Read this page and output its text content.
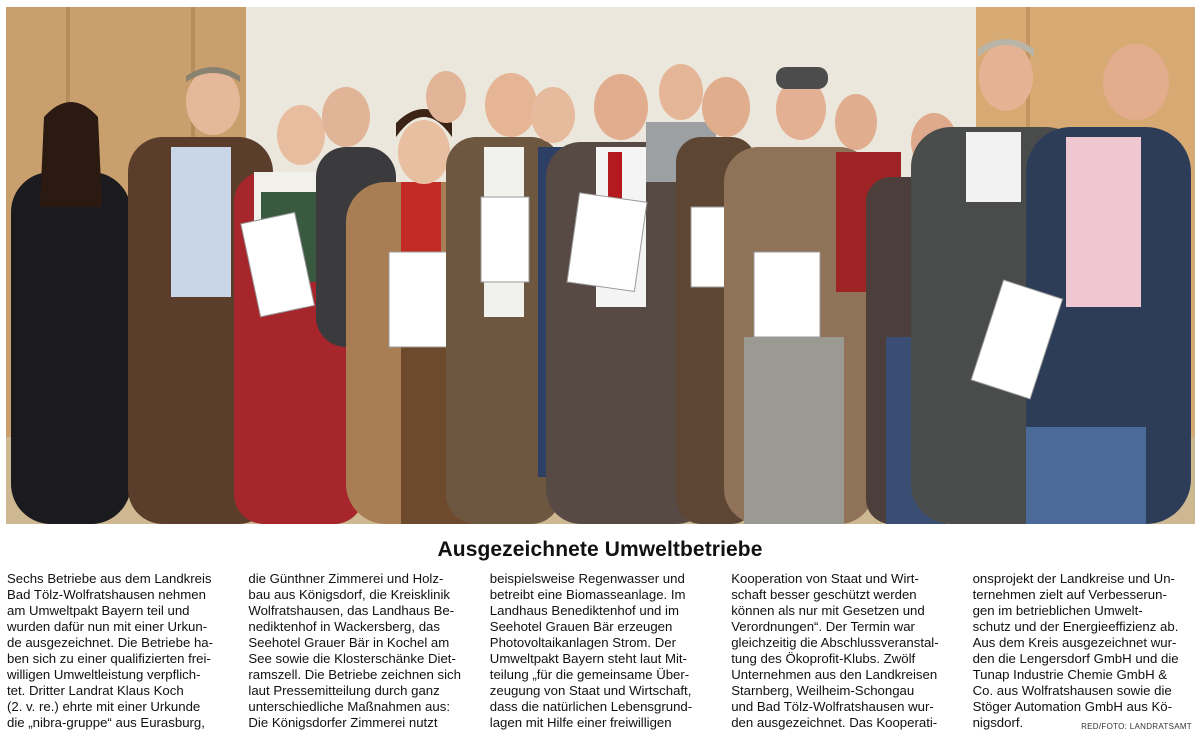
Ausgezeichnete Umweltbetriebe
Sechs Betriebe aus dem Landkreis
Bad Tölz-Wolfratshausen nehmen
am Umweltpakt Bayern teil und
wurden dafür nun mit einer Urkun-
de ausgezeichnet. Die Betriebe ha-
ben sich zu einer qualifizierten frei-
willigen Umweltleistung verpflich-
tet. Dritter Landrat Klaus Koch
(2. v. re.) ehrte mit einer Urkunde
die „nibra-gruppe“ aus Eurasburg,
die Günthner Zimmerei und Holz-
bau aus Königsdorf, die Kreisklinik
Wolfratshausen, das Landhaus Be-
nediktenhof in Wackersberg, das
Seehotel Grauer Bär in Kochel am
See sowie die Klosterschänke Diet-
ramszell. Die Betriebe zeichnen sich
laut Pressemitteilung durch ganz
unterschiedliche Maßnahmen aus:
Die Königsdorfer Zimmerei nutzt
beispielsweise Regenwasser und
betreibt eine Biomasseanlage. Im
Landhaus Benediktenhof und im
Seehotel Grauen Bär erzeugen
Photovoltaikanlagen Strom. Der
Umweltpakt Bayern steht laut Mit-
teilung „für die gemeinsame Über-
zeugung von Staat und Wirtschaft,
dass die natürlichen Lebensgrund-
lagen mit Hilfe einer freiwilligen
Kooperation von Staat und Wirt-
schaft besser geschützt werden
können als nur mit Gesetzen und
Verordnungen“. Der Termin war
gleichzeitig die Abschlussveranstal-
tung des Ökoprofit-Klubs. Zwölf
Unternehmen aus den Landkreisen
Starnberg, Weilheim-Schongau
und Bad Tölz-Wolfratshausen wur-
den ausgezeichnet. Das Kooperati-
onsprojekt der Landkreise und Un-
ternehmen zielt auf Verbesserun-
gen im betrieblichen Umwelt-
schutz und der Energieeffizienz ab.
Aus dem Kreis ausgezeichnet wur-
den die Lengersdorf GmbH und die
Tunap Industrie Chemie GmbH &
Co. aus Wolfratshausen sowie die
Stöger Automation GmbH aus Kö-
nigsdorf.	RED/FOTO: LANDRATSAMT
